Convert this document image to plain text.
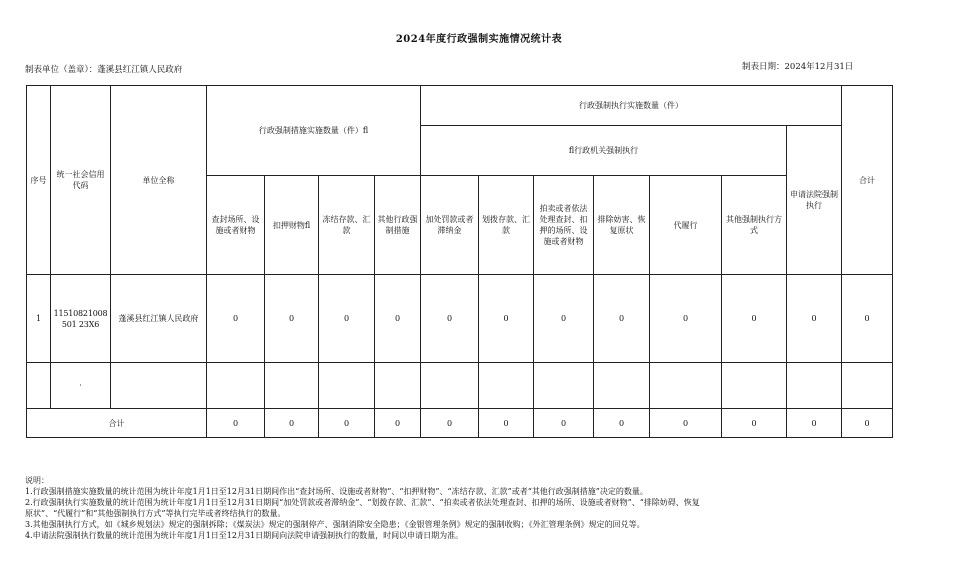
2024年度行政强制实施情况统计表
制表单位（盖章）：蓬溪县红江镇人民政府	制表日期：2024年12月31日

序号	统一社会信用代码	单位全称	行政强制措施实施数量（件）fl				行政强制执行实施数量（件）							合计
							fl行政机关强制执行						申请法院强制执行	
			查封场所、设施或者财物	扣押财物fl	冻结存款、汇款	其他行政强制措施	加处罚款或者滞纳金	划拨存款、汇款	拍卖或者依法处理查封、扣押的场所、设施或者财物	排除妨害、恢复原状	代履行	其他强制执行方式		
1	11510821008501 23X6	蓬溪县红江镇人民政府	0	0	0	0	0	0	0	0	0	0	0	0
	·													
合计			0	0	0	0	0	0	0	0	0	0	0	0
说明：
1.行政强制措施实施数量的统计范围为统计年度1月1日至12月31日期间作出“查封场所、设施或者财物”、“扣押财物”、“冻结存款、汇款”或者“其他行政强制措施”决定的数量。
2.行政强制执行实施数量的统计范围为统计年度1月1日至12月31日期间“加处罚款或者滞纳金”、“划拨存款、汇款”、“拍卖或者依法处理查封、扣押的场所、设施或者财物”、“排除妨碍、恢复
原状”、“代履行”和“其他强制执行方式”等执行完毕或者终结执行的数量。
3.其他强制执行方式，如《城乡规划法》规定的强制拆除；《煤炭法》规定的强制停产、强制消除安全隐患；《金银管理条例》规定的强制收购；《外汇管理条例》规定的回兑等。
4.申请法院强制执行数量的统计范围为统计年度1月1日至12月31日期间向法院申请强制执行的数量，时间以申请日期为准。
